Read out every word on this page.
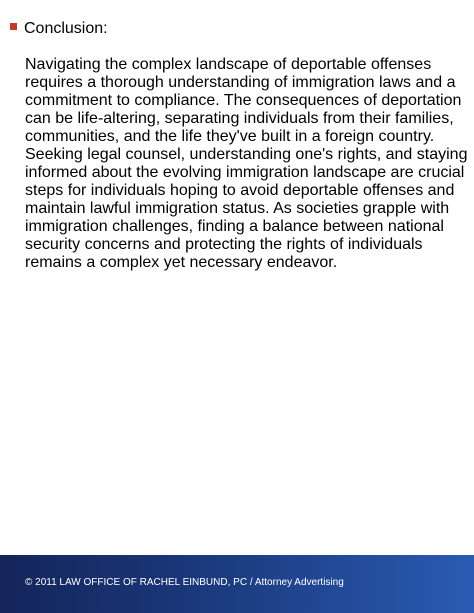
Conclusion:

Navigating the complex landscape of deportable offenses requires a thorough understanding of immigration laws and a commitment to compliance. The consequences of deportation can be life-altering, separating individuals from their families, communities, and the life they've built in a foreign country. Seeking legal counsel, understanding one's rights, and staying informed about the evolving immigration landscape are crucial steps for individuals hoping to avoid deportable offenses and maintain lawful immigration status. As societies grapple with immigration challenges, finding a balance between national security concerns and protecting the rights of individuals remains a complex yet necessary endeavor.

© 2011 LAW OFFICE OF RACHEL EINBUND, PC / Attorney Advertising
